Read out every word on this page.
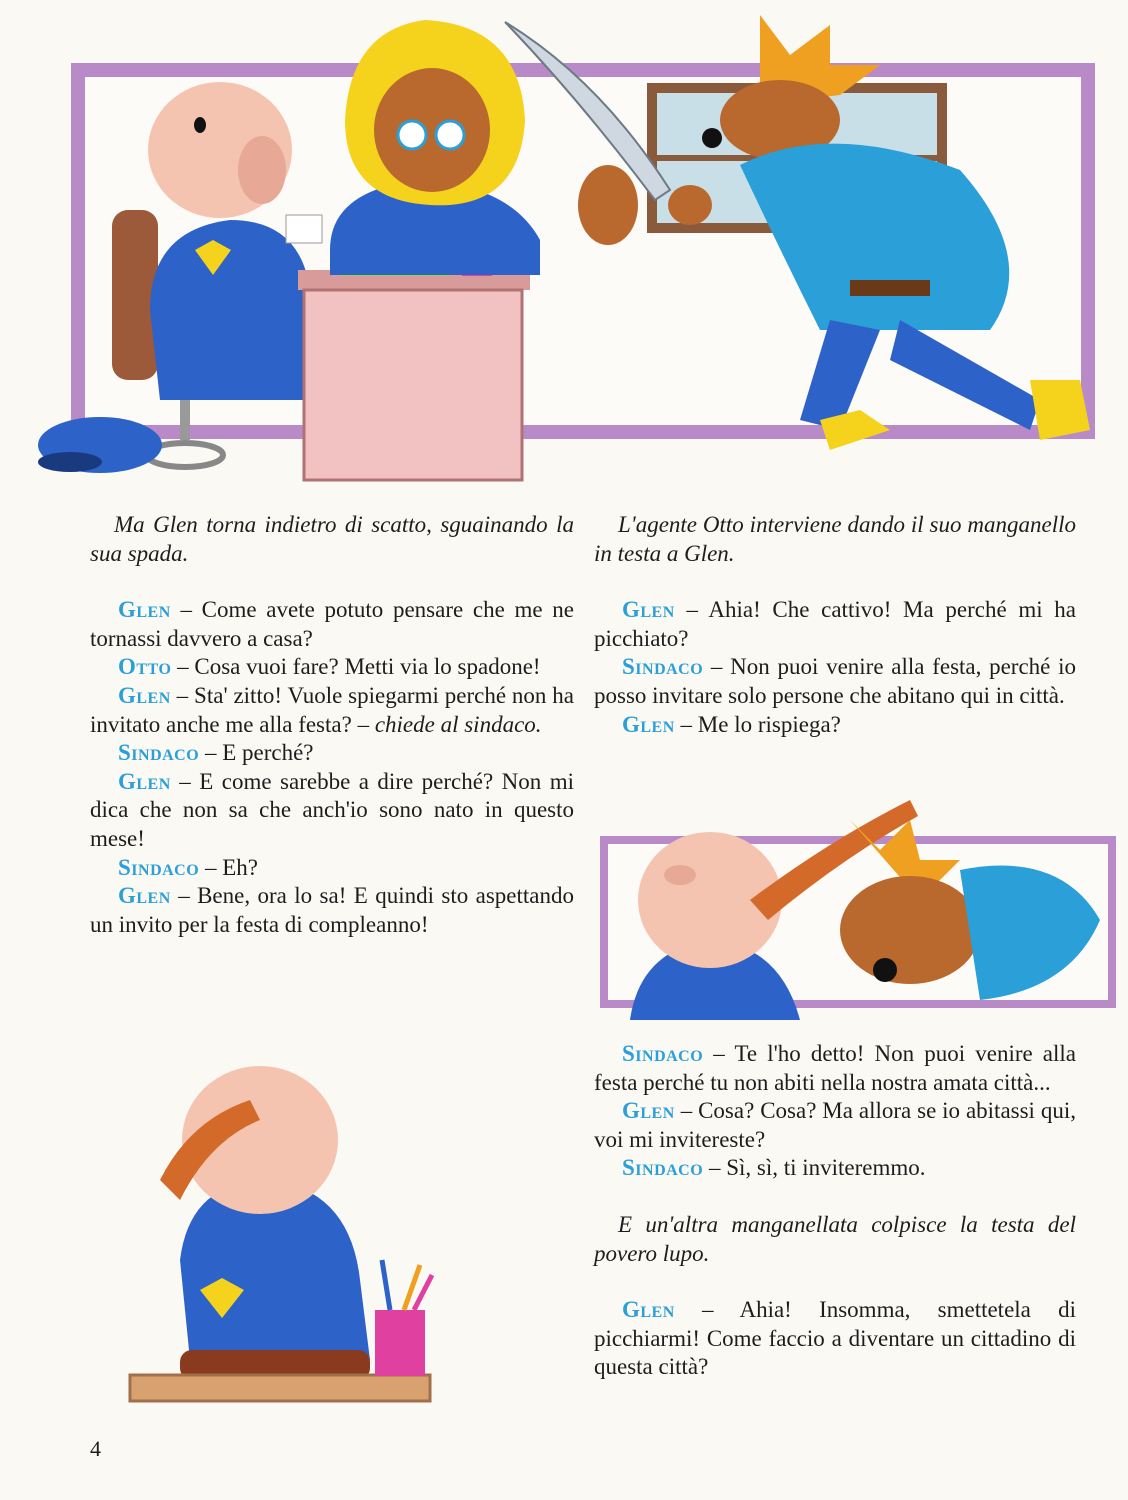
Ma Glen torna indietro di scatto, sguainando la sua spada.

Glen – Come avete potuto pensare che me ne tornassi davvero a casa?

Otto – Cosa vuoi fare? Metti via lo spadone!

Glen – Sta' zitto! Vuole spiegarmi perché non ha invitato anche me alla festa? – chiede al sindaco.

Sindaco – E perché?

Glen – E come sarebbe a dire perché? Non mi dica che non sa che anch'io sono nato in questo mese!

Sindaco – Eh?

Glen – Bene, ora lo sa! E quindi sto aspettando un invito per la festa di compleanno!

L'agente Otto interviene dando il suo manganello in testa a Glen.

Glen – Ahia! Che cattivo! Ma perché mi ha picchiato?

Sindaco – Non puoi venire alla festa, perché io posso invitare solo persone che abitano qui in città.

Glen – Me lo rispiega?

Sindaco – Te l'ho detto! Non puoi venire alla festa perché tu non abiti nella nostra amata città...

Glen – Cosa? Cosa? Ma allora se io abitassi qui, voi mi invitereste?

Sindaco – Sì, sì, ti inviteremmo.

E un'altra manganellata colpisce la testa del povero lupo.

Glen – Ahia! Insomma, smettetela di picchiarmi! Come faccio a diventare un cittadino di questa città?

4
